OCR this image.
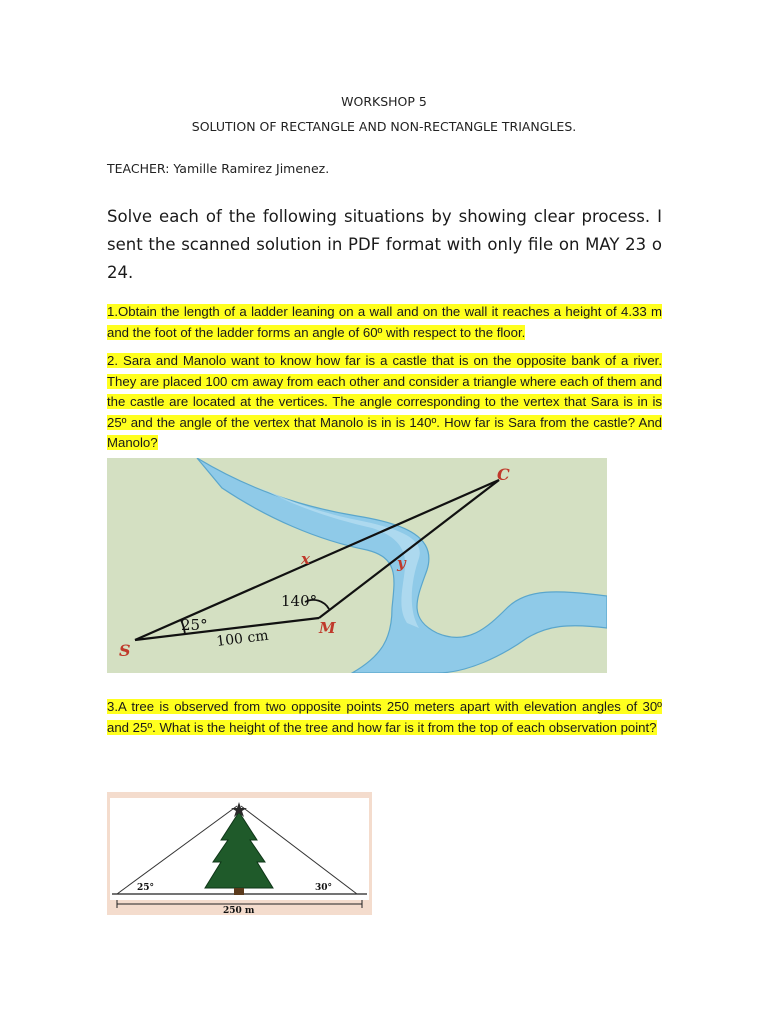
WORKSHOP 5
SOLUTION OF RECTANGLE AND NON-RECTANGLE TRIANGLES.
TEACHER: Yamille Ramirez Jimenez.
Solve each of the following situations by showing clear process. I sent the scanned solution in PDF format with only file on MAY 23 o 24.
1.Obtain the length of a ladder leaning on a wall and on the wall it reaches a height of 4.33 m and the foot of the ladder forms an angle of 60º with respect to the floor.
2. Sara and Manolo want to know how far is a castle that is on the opposite bank of a river. They are placed 100 cm away from each other and consider a triangle where each of them and the castle are located at the vertices. The angle corresponding to the vertex that Sara is in is 25º and the angle of the vertex that Manolo is in is 140º. How far is Sara from the castle? And Manolo?
C
S
M
x	y
25°
140°
100 cm
3.A tree is observed from two opposite points 250 meters apart with elevation angles of 30º and 25º. What is the height of the tree and how far is it from the top of each observation point?
25°	30°
250 m
